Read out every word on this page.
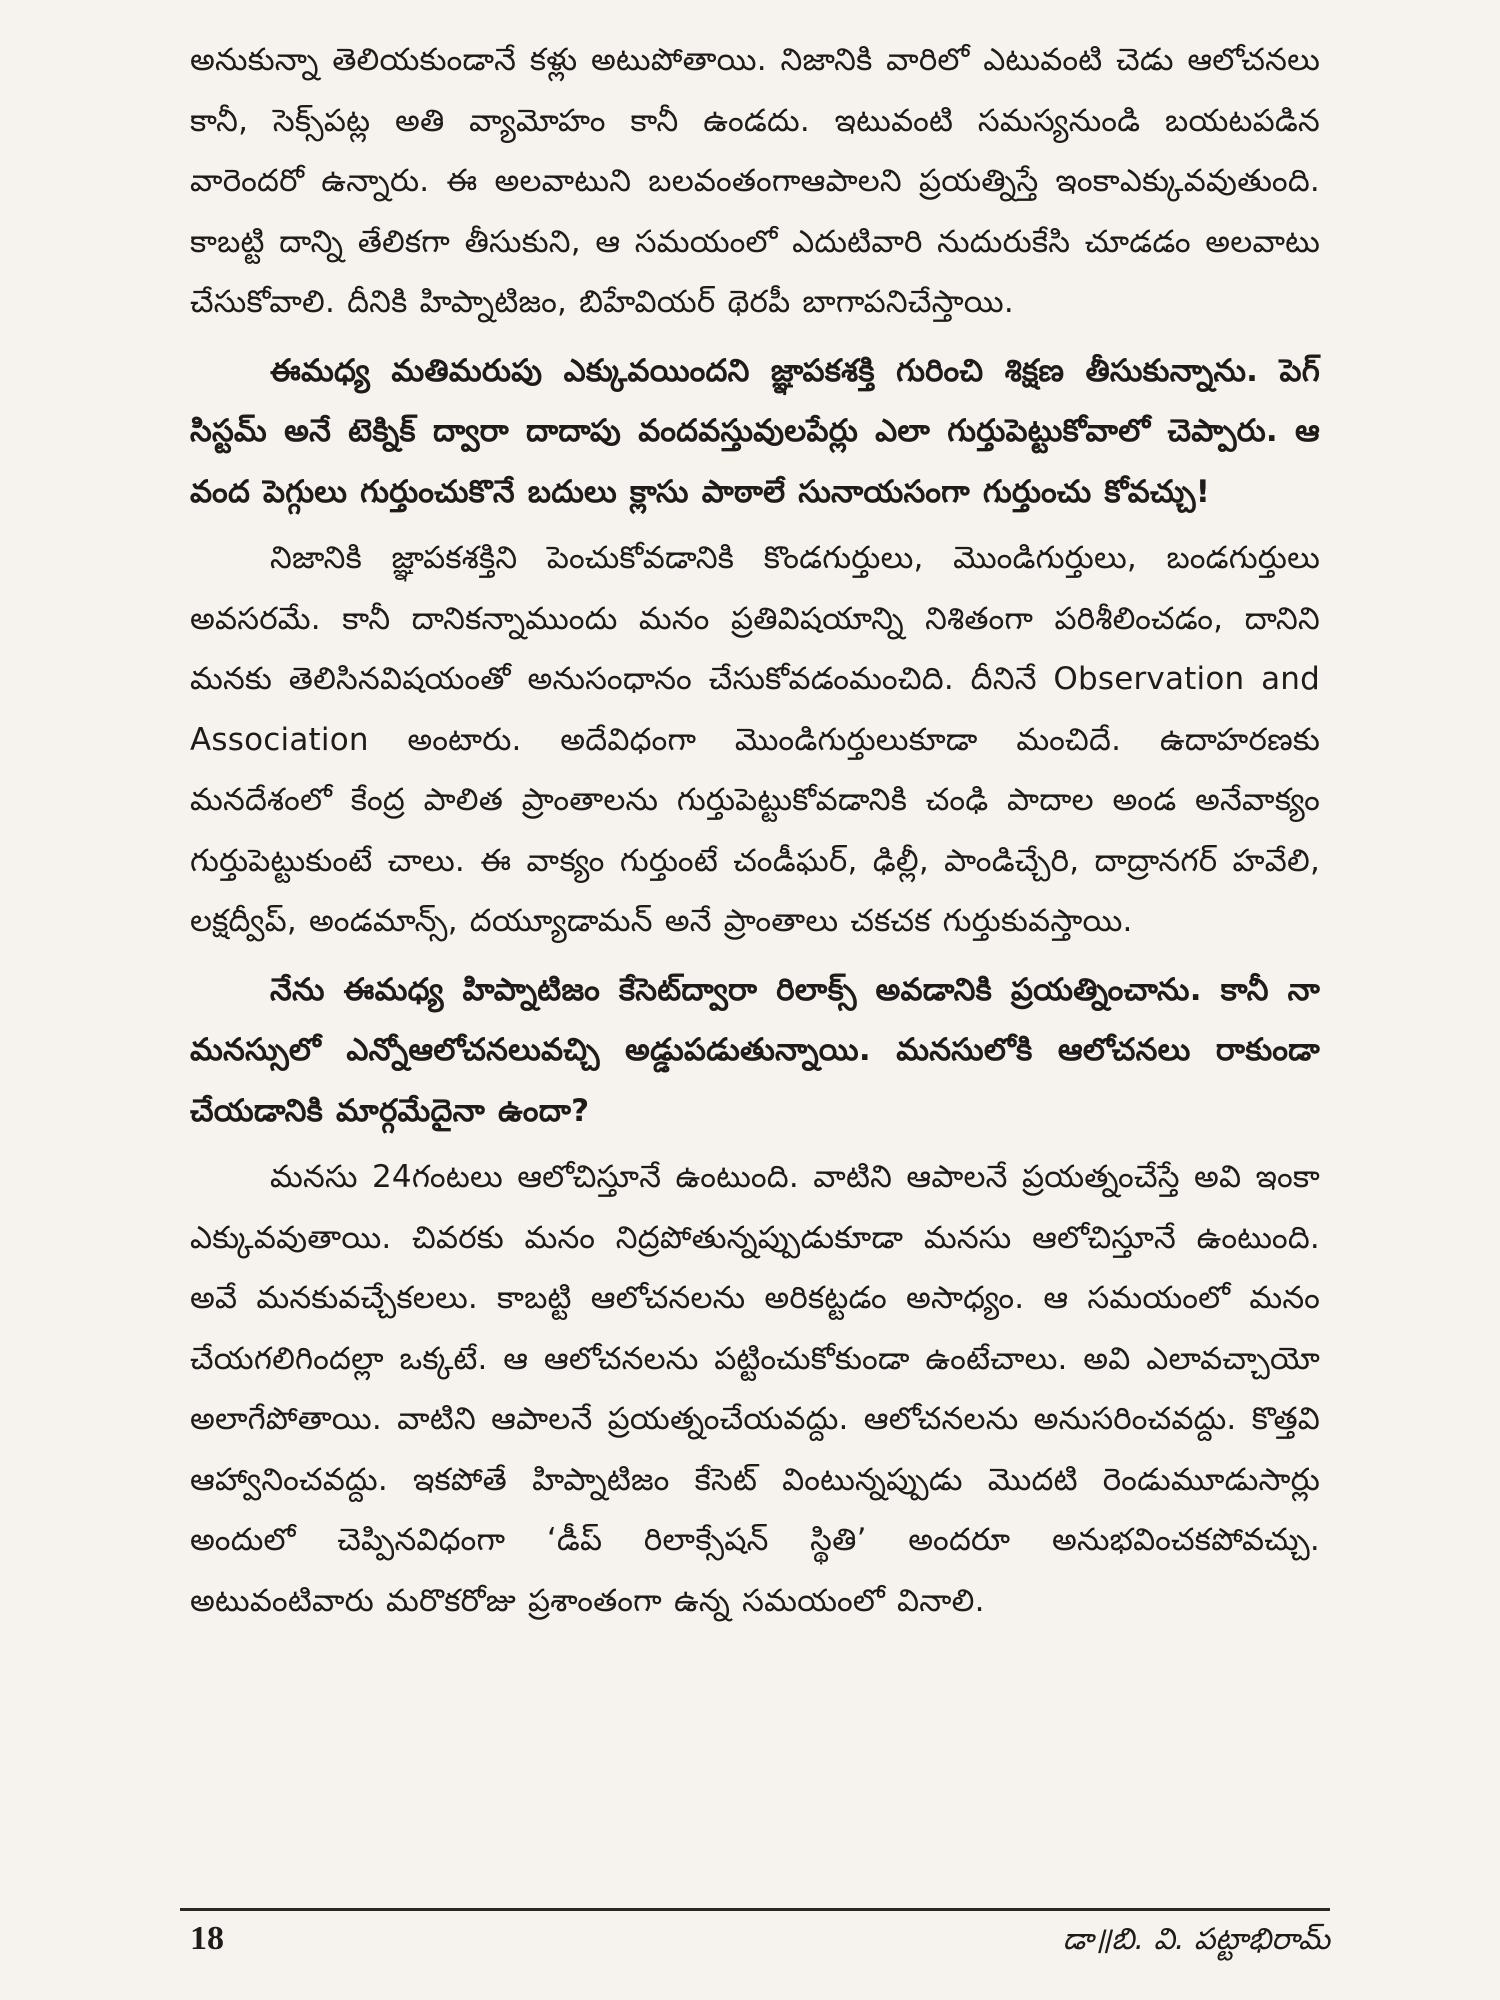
అనుకున్నా తెలియకుండానే కళ్లు అటుపోతాయి. నిజానికి వారిలో ఎటువంటి చెడు ఆలోచనలు కానీ, సెక్స్‌పట్ల అతి వ్యామోహం కానీ ఉండదు. ఇటువంటి సమస్యనుండి బయటపడిన వారెందరో ఉన్నారు. ఈ అలవాటుని బలవంతంగాఆపాలని ప్రయత్నిస్తే ఇంకాఎక్కువవుతుంది. కాబట్టి దాన్ని తేలికగా తీసుకుని, ఆ సమయంలో ఎదుటివారి నుదురుకేసి చూడడం అలవాటు చేసుకోవాలి. దీనికి హిప్నాటిజం, బిహేవియర్ థెరపీ బాగాపనిచేస్తాయి.

ఈమధ్య మతిమరుపు ఎక్కువయిందని జ్ఞాపకశక్తి గురించి శిక్షణ తీసుకున్నాను. పెగ్ సిస్టమ్ అనే టెక్నిక్ ద్వారా దాదాపు వందవస్తువులపేర్లు ఎలా గుర్తుపెట్టుకోవాలో చెప్పారు. ఆ వంద పెగ్గులు గుర్తుంచుకొనే బదులు క్లాసు పాఠాలే సునాయసంగా గుర్తుంచు కోవచ్చు!

నిజానికి జ్ఞాపకశక్తిని పెంచుకోవడానికి కొండగుర్తులు, మొండిగుర్తులు, బండగుర్తులు అవసరమే. కానీ దానికన్నాముందు మనం ప్రతివిషయాన్ని నిశితంగా పరిశీలించడం, దానిని మనకు తెలిసినవిషయంతో అనుసంధానం చేసుకోవడంమంచిది. దీనినే Observation and Association అంటారు. అదేవిధంగా మొండిగుర్తులుకూడా మంచిదే. ఉదాహరణకు మనదేశంలో కేంద్ర పాలిత ప్రాంతాలను గుర్తుపెట్టుకోవడానికి చంఢి పాదాల అండ అనేవాక్యం గుర్తుపెట్టుకుంటే చాలు. ఈ వాక్యం గుర్తుంటే చండీఘర్, ఢిల్లీ, పాండిచ్చేరి, దాద్రానగర్ హవేలి, లక్షద్వీప్, అండమాన్స్, దయ్యూడామన్ అనే ప్రాంతాలు చకచక గుర్తుకువస్తాయి.

నేను ఈమధ్య హిప్నాటిజం కేసెట్‌ద్వారా రిలాక్స్ అవడానికి ప్రయత్నించాను. కానీ నా మనస్సులో ఎన్నోఆలోచనలువచ్చి అడ్డుపడుతున్నాయి. మనసులోకి ఆలోచనలు రాకుండా చేయడానికి మార్గమేదైనా ఉందా?

మనసు 24గంటలు ఆలోచిస్తూనే ఉంటుంది. వాటిని ఆపాలనే ప్రయత్నంచేస్తే అవి ఇంకా ఎక్కువవుతాయి. చివరకు మనం నిద్రపోతున్నప్పుడుకూడా మనసు ఆలోచిస్తూనే ఉంటుంది. అవే మనకువచ్చేకలలు. కాబట్టి ఆలోచనలను అరికట్టడం అసాధ్యం. ఆ సమయంలో మనం చేయగలిగిందల్లా ఒక్కటే. ఆ ఆలోచనలను పట్టించుకోకుండా ఉంటేచాలు. అవి ఎలావచ్చాయో అలాగేపోతాయి. వాటిని ఆపాలనే ప్రయత్నంచేయవద్దు. ఆలోచనలను అనుసరించవద్దు. కొత్తవి ఆహ్వానించవద్దు. ఇకపోతే హిప్నాటిజం కేసెట్ వింటున్నప్పుడు మొదటి రెండుమూడుసార్లు అందులో చెప్పినవిధంగా ‘డీప్ రిలాక్సేషన్ స్థితి’ అందరూ అనుభవించకపోవచ్చు. అటువంటివారు మరొకరోజు ప్రశాంతంగా ఉన్న సమయంలో వినాలి.

18	డా॥బి. వి. పట్టాభిరామ్
